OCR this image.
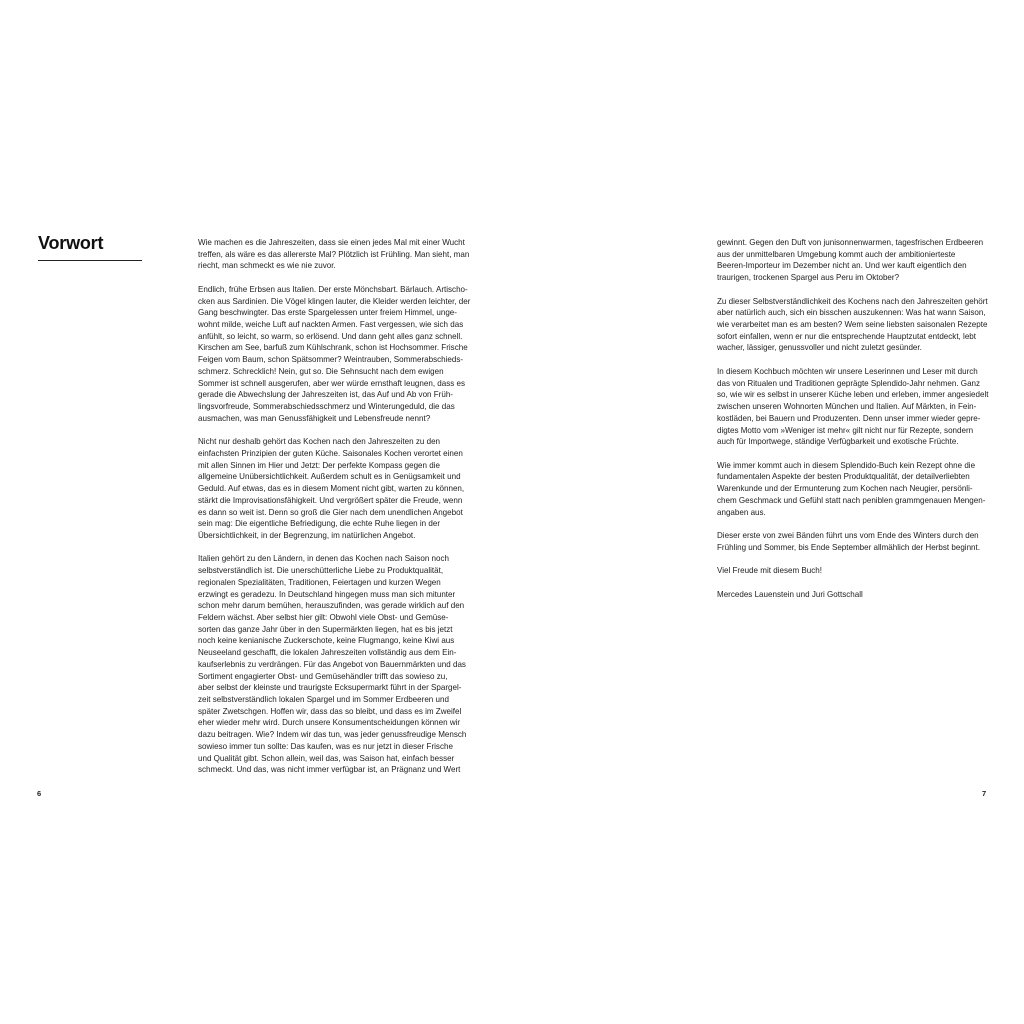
Vorwort	Wie machen es die Jahreszeiten, dass sie einen jedes Mal mit einer Wucht
treffen, als wäre es das allererste Mal? Plötzlich ist Frühling. Man sieht, man
riecht, man schmeckt es wie nie zuvor.
Endlich, frühe Erbsen aus Italien. Der erste Mönchsbart. Bärlauch. Artischo-
cken aus Sardinien. Die Vögel klingen lauter, die Kleider werden leichter, der
Gang beschwingter. Das erste Spargelessen unter freiem Himmel, unge-
wohnt milde, weiche Luft auf nackten Armen. Fast vergessen, wie sich das
anfühlt, so leicht, so warm, so erlösend. Und dann geht alles ganz schnell.
Kirschen am See, barfuß zum Kühlschrank, schon ist Hochsommer. Frische
Feigen vom Baum, schon Spätsommer? Weintrauben, Sommerabschieds-
schmerz. Schrecklich! Nein, gut so. Die Sehnsucht nach dem ewigen
Sommer ist schnell ausgerufen, aber wer würde ernsthaft leugnen, dass es
gerade die Abwechslung der Jahreszeiten ist, das Auf und Ab von Früh-
lingsvorfreude, Sommerabschiedsschmerz und Winterungeduld, die das
ausmachen, was man Genussfähigkeit und Lebensfreude nennt?
Nicht nur deshalb gehört das Kochen nach den Jahreszeiten zu den
einfachsten Prinzipien der guten Küche. Saisonales Kochen verortet einen
mit allen Sinnen im Hier und Jetzt: Der perfekte Kompass gegen die
allgemeine Unübersichtlichkeit. Außerdem schult es in Genügsamkeit und
Geduld. Auf etwas, das es in diesem Moment nicht gibt, warten zu können,
stärkt die Improvisationsfähigkeit. Und vergrößert später die Freude, wenn
es dann so weit ist. Denn so groß die Gier nach dem unendlichen Angebot
sein mag: Die eigentliche Befriedigung, die echte Ruhe liegen in der
Übersichtlichkeit, in der Begrenzung, im natürlichen Angebot.
Italien gehört zu den Ländern, in denen das Kochen nach Saison noch
selbstverständlich ist. Die unerschütterliche Liebe zu Produktqualität,
regionalen Spezialitäten, Traditionen, Feiertagen und kurzen Wegen
erzwingt es geradezu. In Deutschland hingegen muss man sich mitunter
schon mehr darum bemühen, herauszufinden, was gerade wirklich auf den
Feldern wächst. Aber selbst hier gilt: Obwohl viele Obst- und Gemüse-
sorten das ganze Jahr über in den Supermärkten liegen, hat es bis jetzt
noch keine kenianische Zuckerschote, keine Flugmango, keine Kiwi aus
Neuseeland geschafft, die lokalen Jahreszeiten vollständig aus dem Ein-
kaufserlebnis zu verdrängen. Für das Angebot von Bauernmärkten und das
Sortiment engagierter Obst- und Gemüsehändler trifft das sowieso zu,
aber selbst der kleinste und traurigste Ecksupermarkt führt in der Spargel-
zeit selbstverständlich lokalen Spargel und im Sommer Erdbeeren und
später Zwetschgen. Hoffen wir, dass das so bleibt, und dass es im Zweifel
eher wieder mehr wird. Durch unsere Konsumentscheidungen können wir
dazu beitragen. Wie? Indem wir das tun, was jeder genussfreudige Mensch
sowieso immer tun sollte: Das kaufen, was es nur jetzt in dieser Frische
und Qualität gibt. Schon allein, weil das, was Saison hat, einfach besser
schmeckt. Und das, was nicht immer verfügbar ist, an Prägnanz und Wert
6
gewinnt. Gegen den Duft von junisonnenwarmen, tagesfrischen Erdbeeren
aus der unmittelbaren Umgebung kommt auch der ambitionierteste
Beeren-Importeur im Dezember nicht an. Und wer kauft eigentlich den
traurigen, trockenen Spargel aus Peru im Oktober?
Zu dieser Selbstverständlichkeit des Kochens nach den Jahreszeiten gehört
aber natürlich auch, sich ein bisschen auszukennen: Was hat wann Saison,
wie verarbeitet man es am besten? Wem seine liebsten saisonalen Rezepte
sofort einfallen, wenn er nur die entsprechende Hauptzutat entdeckt, lebt
wacher, lässiger, genussvoller und nicht zuletzt gesünder.
In diesem Kochbuch möchten wir unsere Leserinnen und Leser mit durch
das von Ritualen und Traditionen geprägte Splendido-Jahr nehmen. Ganz
so, wie wir es selbst in unserer Küche leben und erleben, immer angesiedelt
zwischen unseren Wohnorten München und Italien. Auf Märkten, in Fein-
kostläden, bei Bauern und Produzenten. Denn unser immer wieder gepre-
digtes Motto vom »Weniger ist mehr« gilt nicht nur für Rezepte, sondern
auch für Importwege, ständige Verfügbarkeit und exotische Früchte.
Wie immer kommt auch in diesem Splendido-Buch kein Rezept ohne die
fundamentalen Aspekte der besten Produktqualität, der detailverliebten
Warenkunde und der Ermunterung zum Kochen nach Neugier, persönli-
chem Geschmack und Gefühl statt nach peniblen grammgenauen Mengen-
angaben aus.
Dieser erste von zwei Bänden führt uns vom Ende des Winters durch den
Frühling und Sommer, bis Ende September allmählich der Herbst beginnt.
Viel Freude mit diesem Buch!
Mercedes Lauenstein und Juri Gottschall
7
